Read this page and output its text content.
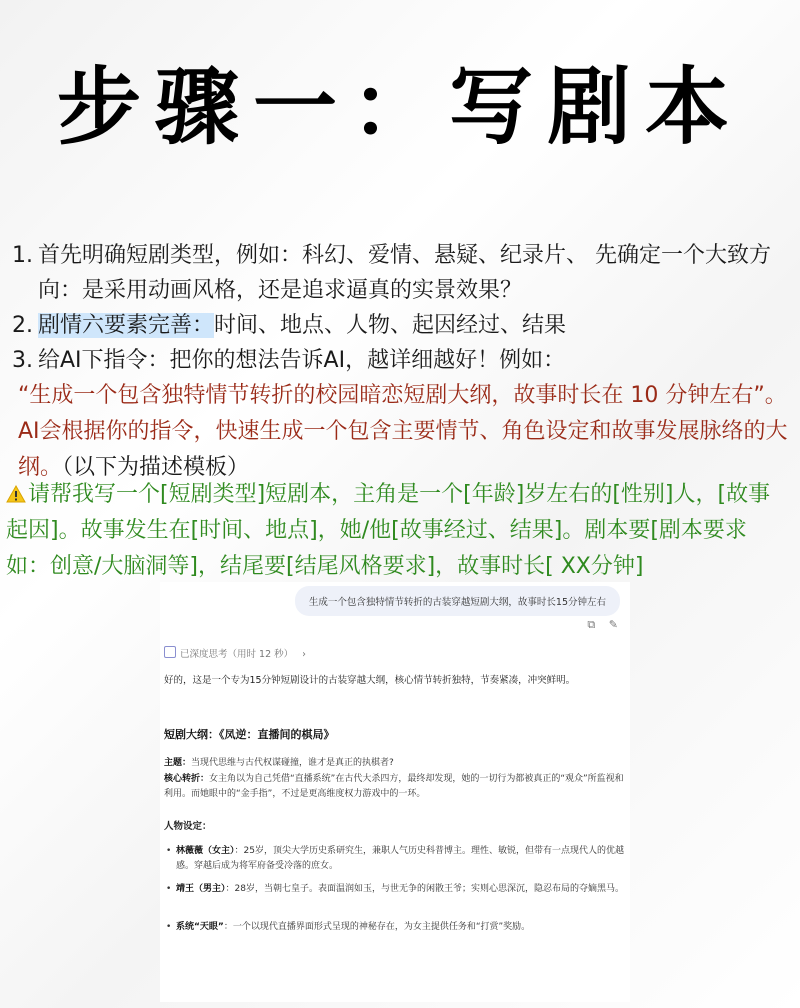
步骤一：写剧本
1. 首先明确短剧类型，例如：科幻、爱情、悬疑、纪录片、 先确定一个大致方向：是采用动画风格，还是追求逼真的实景效果？
2. 剧情六要素完善：时间、地点、人物、起因经过、结果
3. 给AI下指令：把你的想法告诉AI，越详细越好！例如：
“生成一个包含独特情节转折的校园暗恋短剧大纲，故事时长在 10 分钟左右”。AI会根据你的指令，快速生成一个包含主要情节、角色设定和故事发展脉络的大纲。（以下为描述模板）
请帮我写一个[短剧类型]短剧本，主角是一个[年龄]岁左右的[性别]人，[故事起因]。故事发生在[时间、地点]，她/他[故事经过、结果]。剧本要[剧本要求如：创意/大脑洞等]，结尾要[结尾风格要求]，故事时长[ XX分钟]
生成一个包含独特情节转折的古装穿越短剧大纲，故事时长15分钟左右
⧉ ✎
已深度思考（用时 12 秒） ›
好的，这是一个专为15分钟短剧设计的古装穿越大纲，核心情节转折独特，节奏紧凑，冲突鲜明。
短剧大纲：《凤逆：直播间的棋局》
主题：当现代思维与古代权谋碰撞，谁才是真正的执棋者?
核心转折：女主角以为自己凭借“直播系统”在古代大杀四方，最终却发现，她的一切行为都被真正的“观众”所监视和利用。而她眼中的“金手指”，不过是更高维度权力游戏中的一环。
人物设定：
• 林薇薇（女主）：25岁，顶尖大学历史系研究生，兼职人气历史科普博主。理性、敏锐，但带有一点现代人的优越感。穿越后成为将军府备受冷落的庶女。
• 靖王（男主）：28岁，当朝七皇子。表面温润如玉，与世无争的闲散王爷；实则心思深沉，隐忍布局的夺嫡黑马。
• 系统“天眼”：一个以现代直播界面形式呈现的神秘存在，为女主提供任务和“打赏”奖励。
